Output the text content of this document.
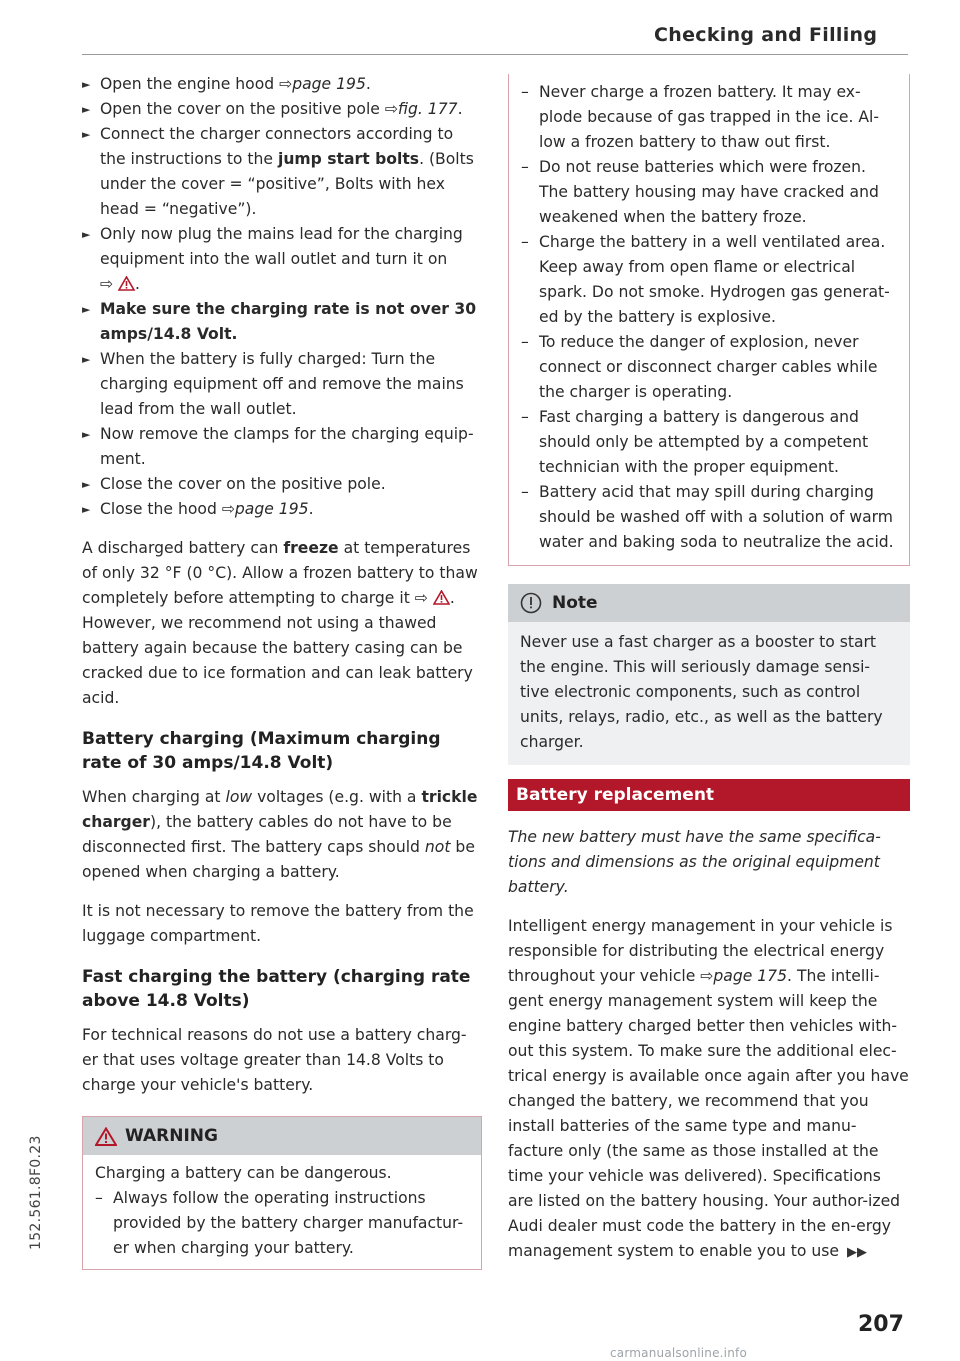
Checking and Filling

► Open the engine hood ⇨page 195.

► Open the cover on the positive pole ⇨fig. 177.

► Connect the charger connectors according to the instructions to the jump start bolts. (Bolts under the cover = “positive”, Bolts with hex head = “negative”).

► Only now plug the mains lead for the charging equipment into the wall outlet and turn it on
⇨ .

► Make sure the charging rate is not over 30 amps/14.8 Volt.

► When the battery is fully charged: Turn the charging equipment off and remove the mains lead from the wall outlet.

► Now remove the clamps for the charging equip-ment.

► Close the cover on the positive pole.

► Close the hood ⇨page 195.

A discharged battery can freeze at temperatures of only 32 °F (0 °C). Allow a frozen battery to thaw completely before attempting to charge it ⇨ . However, we recommend not using a thawed battery again because the battery casing can be cracked due to ice formation and can leak battery acid.

Battery charging (Maximum charging rate of 30 amps/14.8 Volt)

When charging at low voltages (e.g. with a trickle charger), the battery cables do not have to be disconnected first. The battery caps should not be opened when charging a battery.

It is not necessary to remove the battery from the luggage compartment.

Fast charging the battery (charging rate above 14.8 Volts)

For technical reasons do not use a battery charg-er that uses voltage greater than 14.8 Volts to charge your vehicle's battery.

WARNING

Charging a battery can be dangerous.

– Always follow the operating instructions provided by the battery charger manufactur-er when charging your battery.

– Never charge a frozen battery. It may ex-plode because of gas trapped in the ice. Al-low a frozen battery to thaw out first.

– Do not reuse batteries which were frozen. The battery housing may have cracked and weakened when the battery froze.

– Charge the battery in a well ventilated area. Keep away from open flame or electrical spark. Do not smoke. Hydrogen gas generat-ed by the battery is explosive.

– To reduce the danger of explosion, never connect or disconnect charger cables while the charger is operating.

– Fast charging a battery is dangerous and should only be attempted by a competent technician with the proper equipment.

– Battery acid that may spill during charging should be washed off with a solution of warm water and baking soda to neutralize the acid.

Note
Never use a fast charger as a booster to start the engine. This will seriously damage sensi-tive electronic components, such as control units, relays, radio, etc., as well as the battery charger.
Battery replacement

The new battery must have the same specifica-tions and dimensions as the original equipment battery.

Intelligent energy management in your vehicle is responsible for distributing the electrical energy throughout your vehicle ⇨page 175. The intelli-gent energy management system will keep the engine battery charged better then vehicles with-out this system. To make sure the additional elec-trical energy is available once again after you have changed the battery, we recommend that you install batteries of the same type and manu-facture only (the same as those installed at the time your vehicle was delivered). Specifications are listed on the battery housing. Your author-ized Audi dealer must code the battery in the en-ergy management system to enable you to use ▶▶

207
152.561.8F0.23
carmanualsonline.info
